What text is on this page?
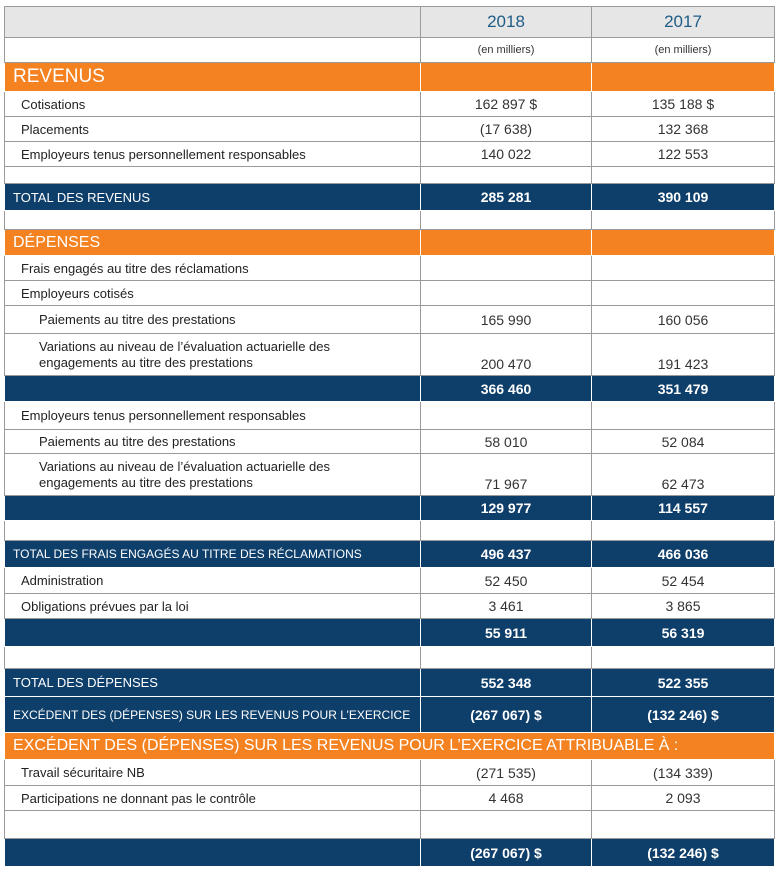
	2018	2017
	(en milliers)	(en milliers)
REVENUS		
Cotisations	162 897 $	135 188 $
Placements	(17 638)	132 368
Employeurs tenus personnellement responsables	140 022	122 553

TOTAL DES REVENUS	285 281	390 109

DÉPENSES		
Frais engagés au titre des réclamations		
Employeurs cotisés		
Paiements au titre des prestations	165 990	160 056

Variations au niveau de l’évaluation actuarielle des
engagements au titre des prestations	200 470	191 423
	366 460	351 479
Employeurs tenus personnellement responsables		
Paiements au titre des prestations	58 010	52 084

Variations au niveau de l’évaluation actuarielle des
engagements au titre des prestations	71 967	62 473
	129 977	114 557

TOTAL DES FRAIS ENGAGÉS AU TITRE DES RÉCLAMATIONS	496 437	466 036
Administration	52 450	52 454
Obligations prévues par la loi	3 461	3 865
	55 911	56 319

TOTAL DES DÉPENSES	552 348	522 355
EXCÉDENT DES (DÉPENSES) SUR LES REVENUS POUR L’EXERCICE	(267 067) $	(132 246) $
EXCÉDENT DES (DÉPENSES) SUR LES REVENUS POUR L’EXERCICE ATTRIBUABLE À :		
Travail sécuritaire NB	(271 535)	(134 339)
Participations ne donnant pas le contrôle	4 468	2 093

	(267 067) $	(132 246) $
